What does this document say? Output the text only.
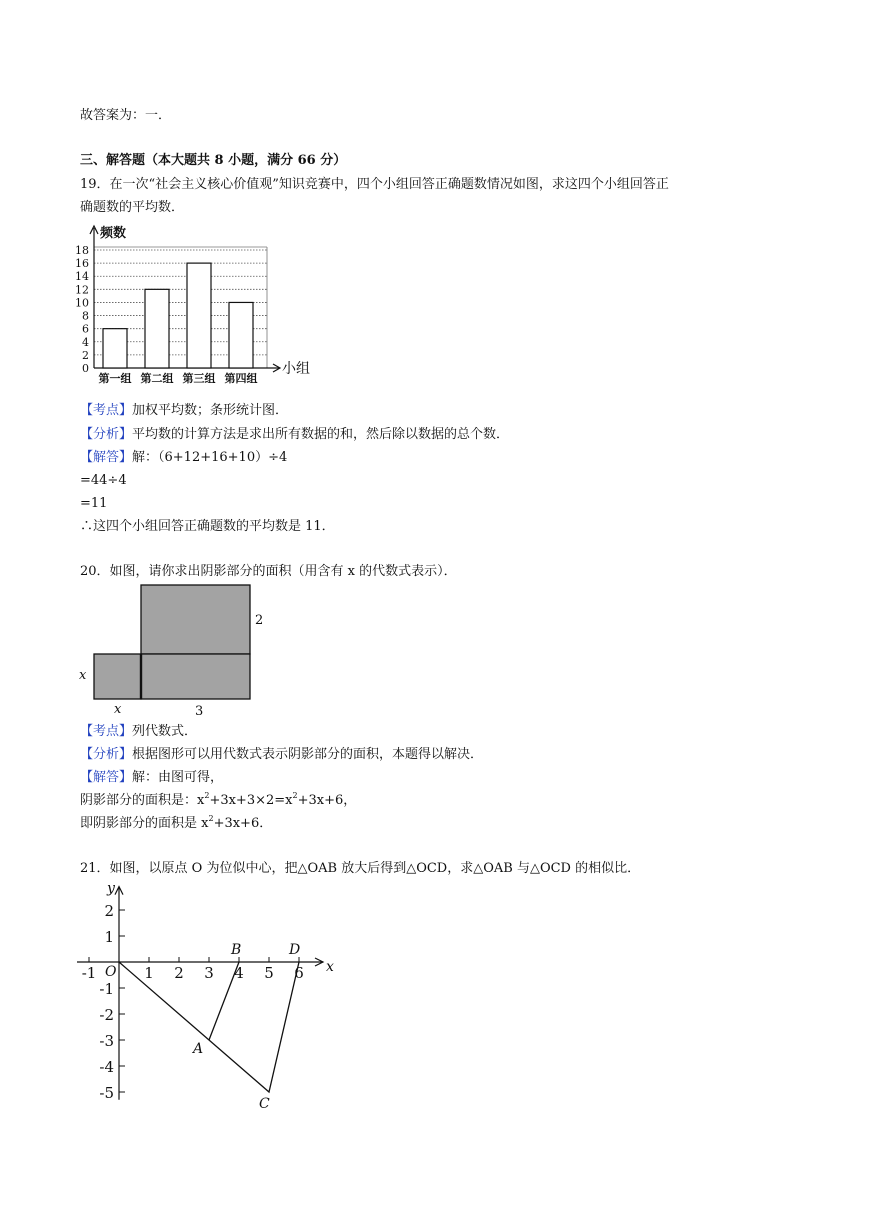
故答案为：一．
三、解答题（本大题共 8 小题，满分 66 分）
19．在一次“社会主义核心价值观”知识竞赛中，四个小组回答正确题数情况如图，求这四个小组回答正
确题数的平均数．
0
2
4
6
8
10
12
14
16
18
频数
小组
第一组 第二组 第三组 第四组
【考点】加权平均数；条形统计图．
【分析】平均数的计算方法是求出所有数据的和，然后除以数据的总个数．
【解答】解：（6+12+16+10）÷4
=44÷4
=11
∴这四个小组回答正确题数的平均数是 11．
20．如图，请你求出阴影部分的面积（用含有 x 的代数式表示）．
x
x	3
2
【考点】列代数式．
【分析】根据图形可以用代数式表示阴影部分的面积，本题得以解决．
【解答】解：由图可得，
阴影部分的面积是：$x^2+3x+3\times 2=x^2+3x+6$，
即阴影部分的面积是 $x^2+3x+6$．
21．如图，以原点 O 为位似中心，把△OAB 放大后得到△OCD，求△OAB 与△OCD 的相似比．
x
y
O
-1	1 2 3 4 5 6
2
1
-1
-2
-3
-4
-5
A
B
C
D
